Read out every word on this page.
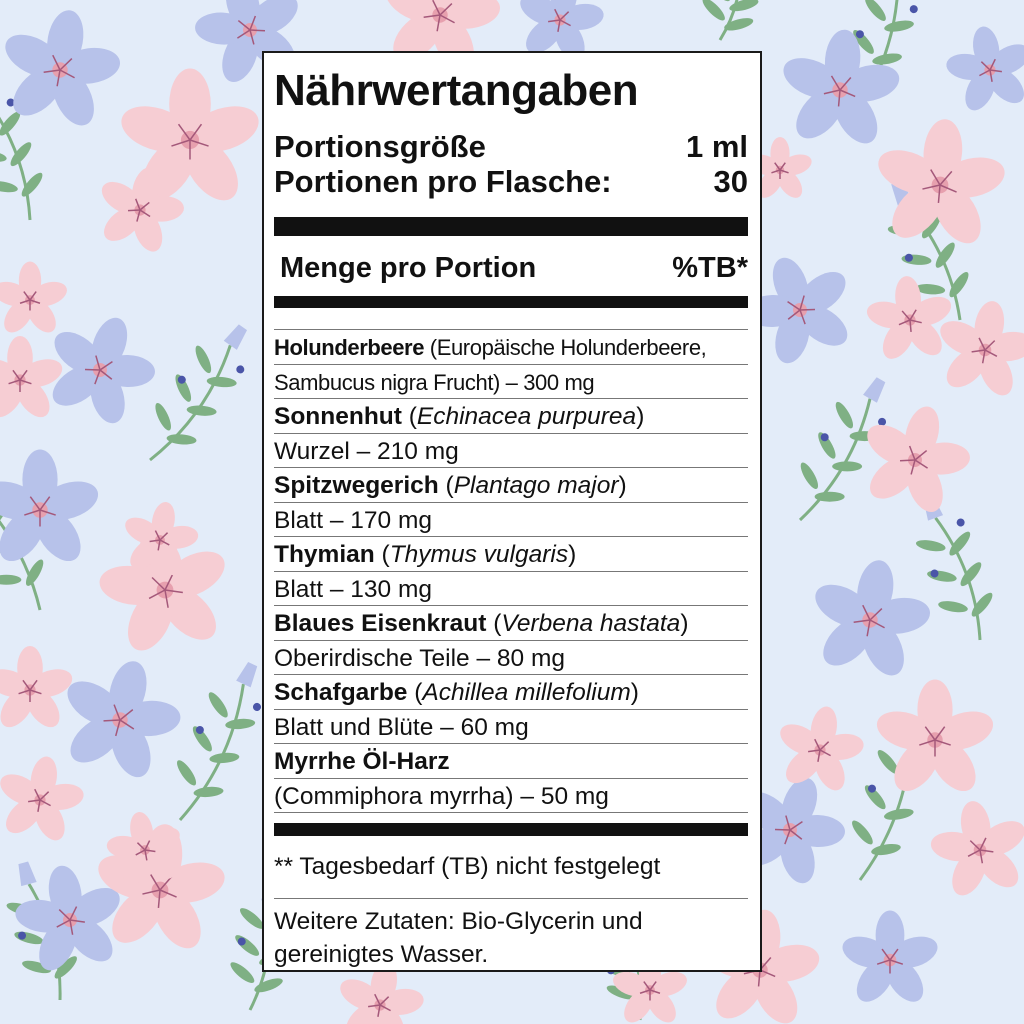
Nährwertangaben
Portionsgröße	1 ml
Portionen pro Flasche:	30
Menge pro Portion	%TB*
Holunderbeere (Europäische Holunderbeere,
Sambucus nigra Frucht) – 300 mg
Sonnenhut (Echinacea purpurea)
Wurzel – 210 mg
Spitzwegerich (Plantago major)
Blatt – 170 mg
Thymian (Thymus vulgaris)
Blatt – 130 mg
Blaues Eisenkraut (Verbena hastata)
Oberirdische Teile – 80 mg
Schafgarbe (Achillea millefolium)
Blatt und Blüte – 60 mg
Myrrhe Öl-Harz
(Commiphora myrrha) – 50 mg
** Tagesbedarf (TB) nicht festgelegt
Weitere Zutaten: Bio-Glycerin und gereinigtes Wasser.
